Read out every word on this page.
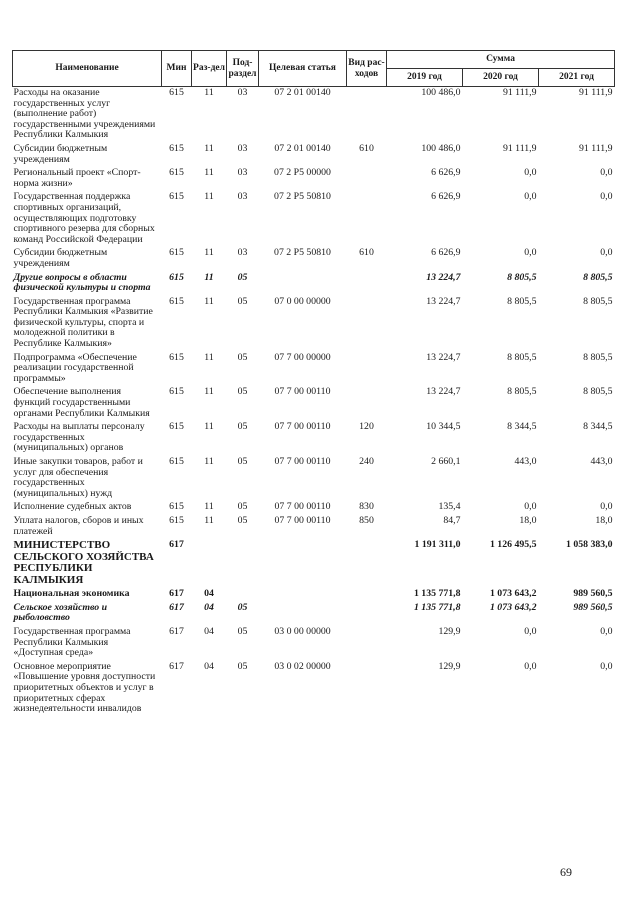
Наименование	Мин	Раз-дел	Под-раздел	Целевая статья	Вид рас-ходов	Сумма		
						2019 год	2020 год	2021 год
Расходы на оказание государственных услуг (выполнение работ) государственными учреждениями Республики Калмыкия	615	11	03	07 2 01 00140		100 486,0	91 111,9	91 111,9
Субсидии бюджетным учреждениям	615	11	03	07 2 01 00140	610	100 486,0	91 111,9	91 111,9
Региональный проект «Спорт-норма жизни»	615	11	03	07 2 P5 00000		6 626,9	0,0	0,0
Государственная поддержка спортивных организаций, осуществляющих подготовку спортивного резерва для сборных команд Российской Федерации	615	11	03	07 2 P5 50810		6 626,9	0,0	0,0
Субсидии бюджетным учреждениям	615	11	03	07 2 P5 50810	610	6 626,9	0,0	0,0
Другие вопросы в области физической культуры и спорта	615	11	05			13 224,7	8 805,5	8 805,5
Государственная программа Республики Калмыкия «Развитие физической культуры, спорта и молодежной политики в Республике Калмыкия»	615	11	05	07 0 00 00000		13 224,7	8 805,5	8 805,5
Подпрограмма «Обеспечение реализации государственной программы»	615	11	05	07 7 00 00000		13 224,7	8 805,5	8 805,5
Обеспечение выполнения функций государственными органами Республики Калмыкия	615	11	05	07 7 00 00110		13 224,7	8 805,5	8 805,5
Расходы на выплаты персоналу государственных (муниципальных) органов	615	11	05	07 7 00 00110	120	10 344,5	8 344,5	8 344,5
Иные закупки товаров, работ и услуг для обеспечения государственных (муниципальных) нужд	615	11	05	07 7 00 00110	240	2 660,1	443,0	443,0
Исполнение судебных актов	615	11	05	07 7 00 00110	830	135,4	0,0	0,0
Уплата налогов, сборов и иных платежей	615	11	05	07 7 00 00110	850	84,7	18,0	18,0
МИНИСТЕРСТВО СЕЛЬСКОГО ХОЗЯЙСТВА РЕСПУБЛИКИ КАЛМЫКИЯ	617					1 191 311,0	1 126 495,5	1 058 383,0
Национальная экономика	617	04				1 135 771,8	1 073 643,2	989 560,5
Сельское хозяйство и рыболовство	617	04	05			1 135 771,8	1 073 643,2	989 560,5
Государственная программа Республики Калмыкия «Доступная среда»	617	04	05	03 0 00 00000		129,9	0,0	0,0
Основное мероприятие «Повышение уровня доступности приоритетных объектов и услуг в приоритетных сферах жизнедеятельности инвалидов	617	04	05	03 0 02 00000		129,9	0,0	0,0
69
